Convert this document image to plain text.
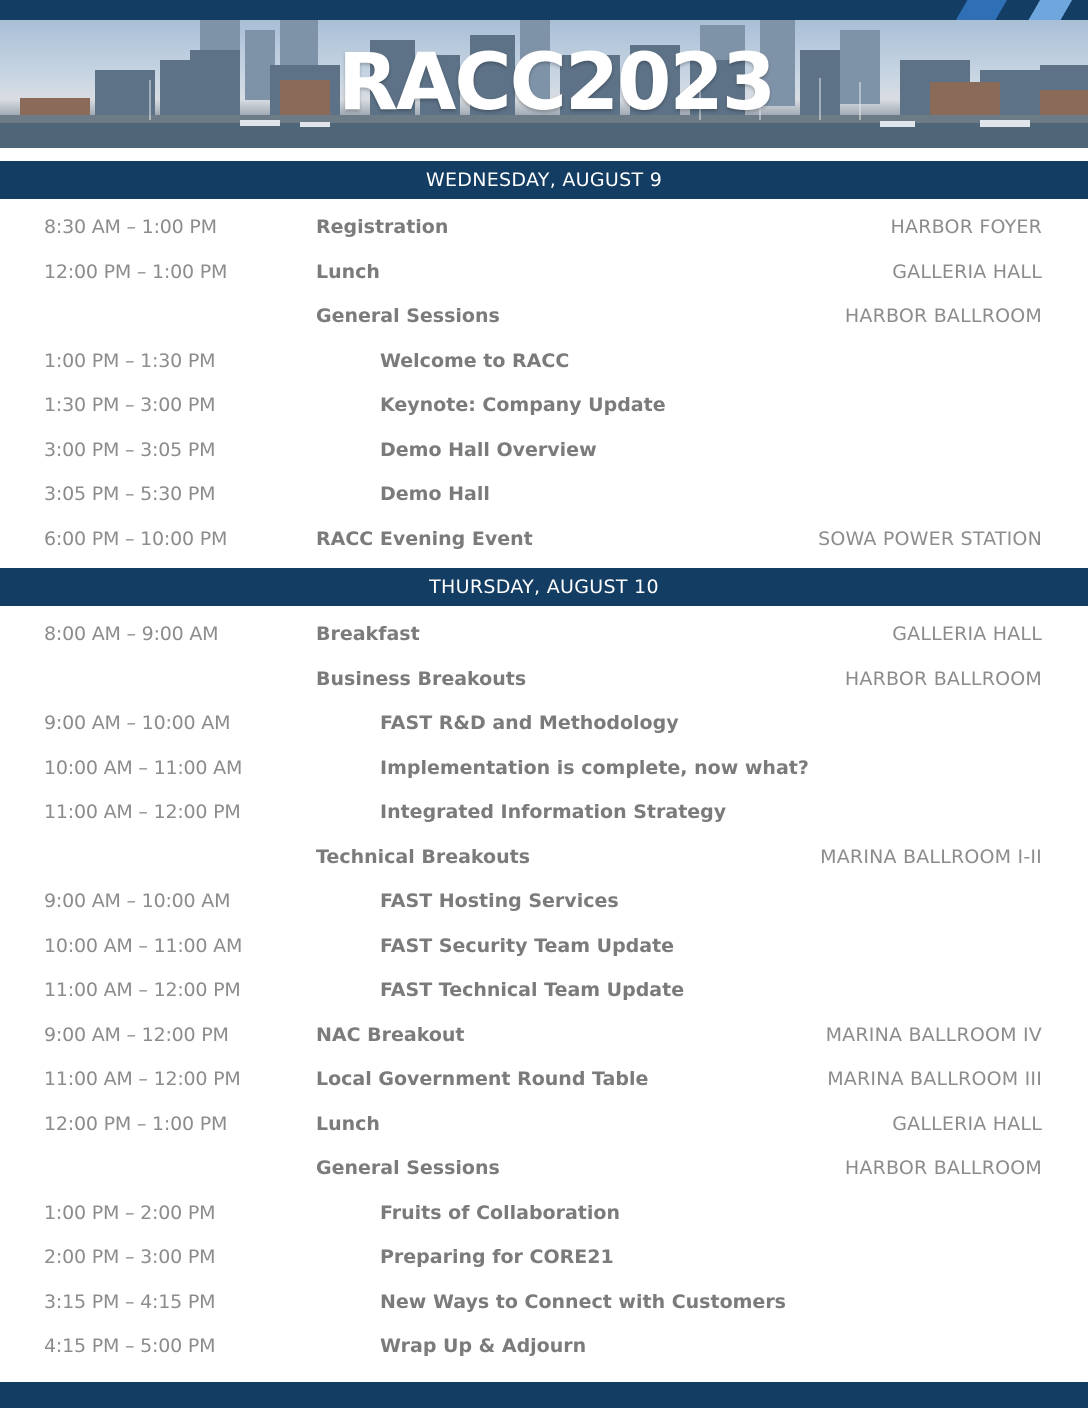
RACC2023
WEDNESDAY, AUGUST 9
8:30 AM – 1:00 PM	Registration	HARBOR FOYER
12:00 PM – 1:00 PM	Lunch	GALLERIA HALL
General Sessions	HARBOR BALLROOM
1:00 PM – 1:30 PM	Welcome to RACC
1:30 PM – 3:00 PM	Keynote: Company Update
3:00 PM – 3:05 PM	Demo Hall Overview
3:05 PM – 5:30 PM	Demo Hall
6:00 PM – 10:00 PM	RACC Evening Event	SOWA POWER STATION
THURSDAY, AUGUST 10
8:00 AM – 9:00 AM	Breakfast	GALLERIA HALL
Business Breakouts	HARBOR BALLROOM
9:00 AM – 10:00 AM	FAST R&D and Methodology
10:00 AM – 11:00 AM	Implementation is complete, now what?
11:00 AM – 12:00 PM	Integrated Information Strategy
Technical Breakouts	MARINA BALLROOM I-II
9:00 AM – 10:00 AM	FAST Hosting Services
10:00 AM – 11:00 AM	FAST Security Team Update
11:00 AM – 12:00 PM	FAST Technical Team Update
9:00 AM – 12:00 PM	NAC Breakout	MARINA BALLROOM IV
11:00 AM – 12:00 PM	Local Government Round Table	MARINA BALLROOM III
12:00 PM – 1:00 PM	Lunch	GALLERIA HALL
General Sessions	HARBOR BALLROOM
1:00 PM – 2:00 PM	Fruits of Collaboration
2:00 PM – 3:00 PM	Preparing for CORE21
3:15 PM – 4:15 PM	New Ways to Connect with Customers
4:15 PM – 5:00 PM	Wrap Up & Adjourn
